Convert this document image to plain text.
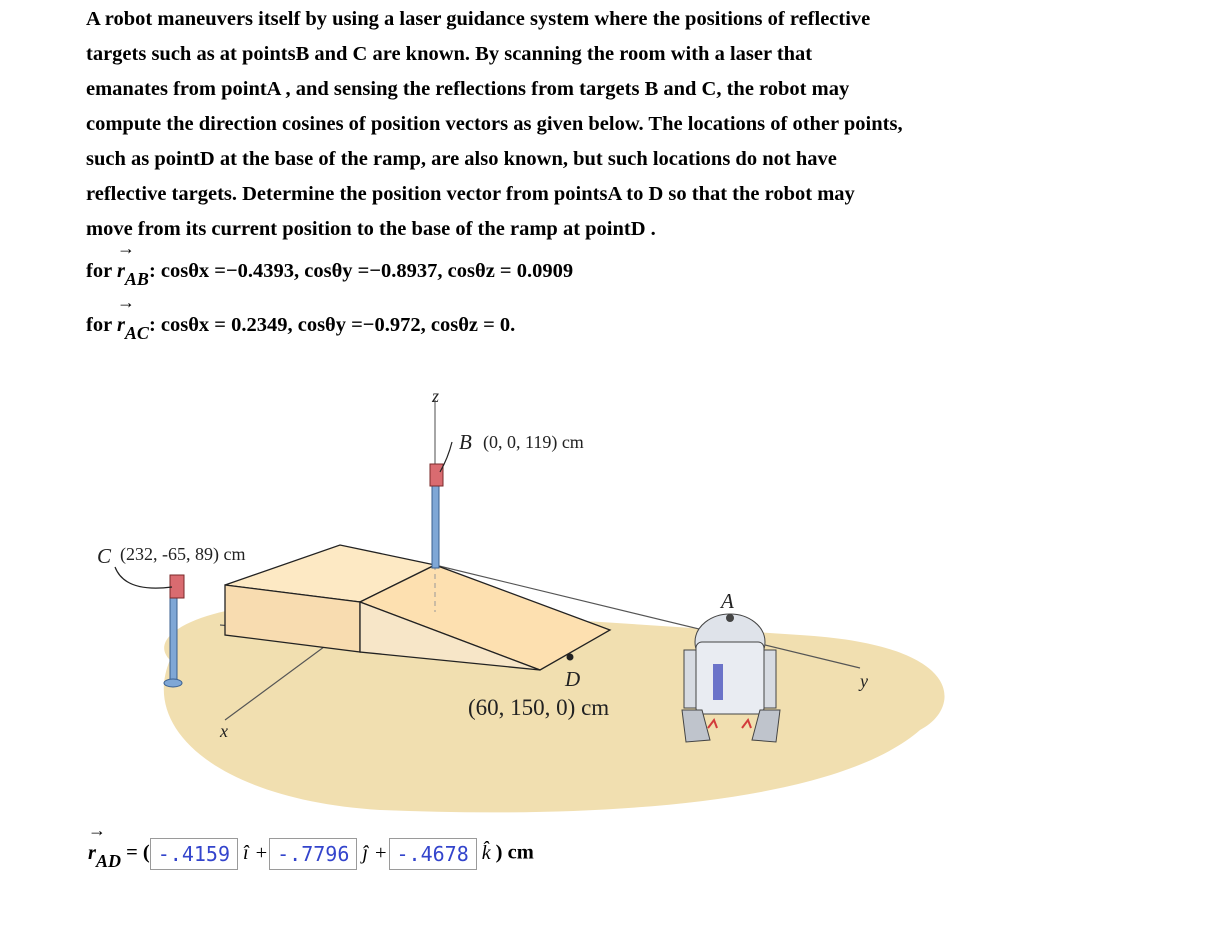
A robot maneuvers itself by using a laser guidance system where the positions of reflective

targets such as at pointsB and C are known. By scanning the room with a laser that

emanates from pointA , and sensing the reflections from targets B and C, the robot may

compute the direction cosines of position vectors as given below. The locations of other points,

such as pointD at the base of the ramp, are also known, but such locations do not have

reflective targets. Determine the position vector from pointsA to D so that the robot may

move from its current position to the base of the ramp at pointD .

for
→
rAB: cosθx =−0.4393, cosθy =−0.8937, cosθz = 0.0909
for
→
rAC: cosθx = 0.2349, cosθy =−0.972, cosθz = 0.
z
x
y
B (0, 0, 119) cm
C (232, -65, 89) cm
D
(60, 150, 0) cm
A
→
rAD = ( -.4159 î + -.7796 ĵ + -.4678 k̂ ) cm
